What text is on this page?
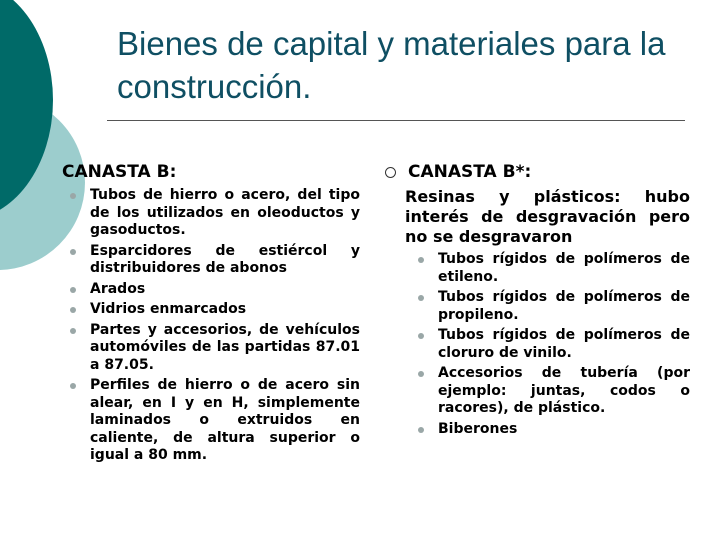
Bienes de capital y materiales para la construcción.
CANASTA B:
Tubos de hierro o acero, del tipo de los utilizados en oleoductos y gasoductos.
Esparcidores de estiércol y distribuidores de abonos
Arados
Vidrios enmarcados
Partes y accesorios, de vehículos automóviles de las partidas 87.01 a 87.05.
Perfiles de hierro o de acero sin alear, en I y en H, simplemente laminados o extruidos en caliente, de altura superior o igual a 80 mm.
CANASTA B*:
Resinas y plásticos: hubo interés de desgravación pero no se desgravaron
Tubos rígidos de polímeros de etileno.
Tubos rígidos de polímeros de propileno.
Tubos rígidos de polímeros de cloruro de vinilo.
Accesorios de tubería (por ejemplo: juntas, codos o racores), de plástico.
Biberones
